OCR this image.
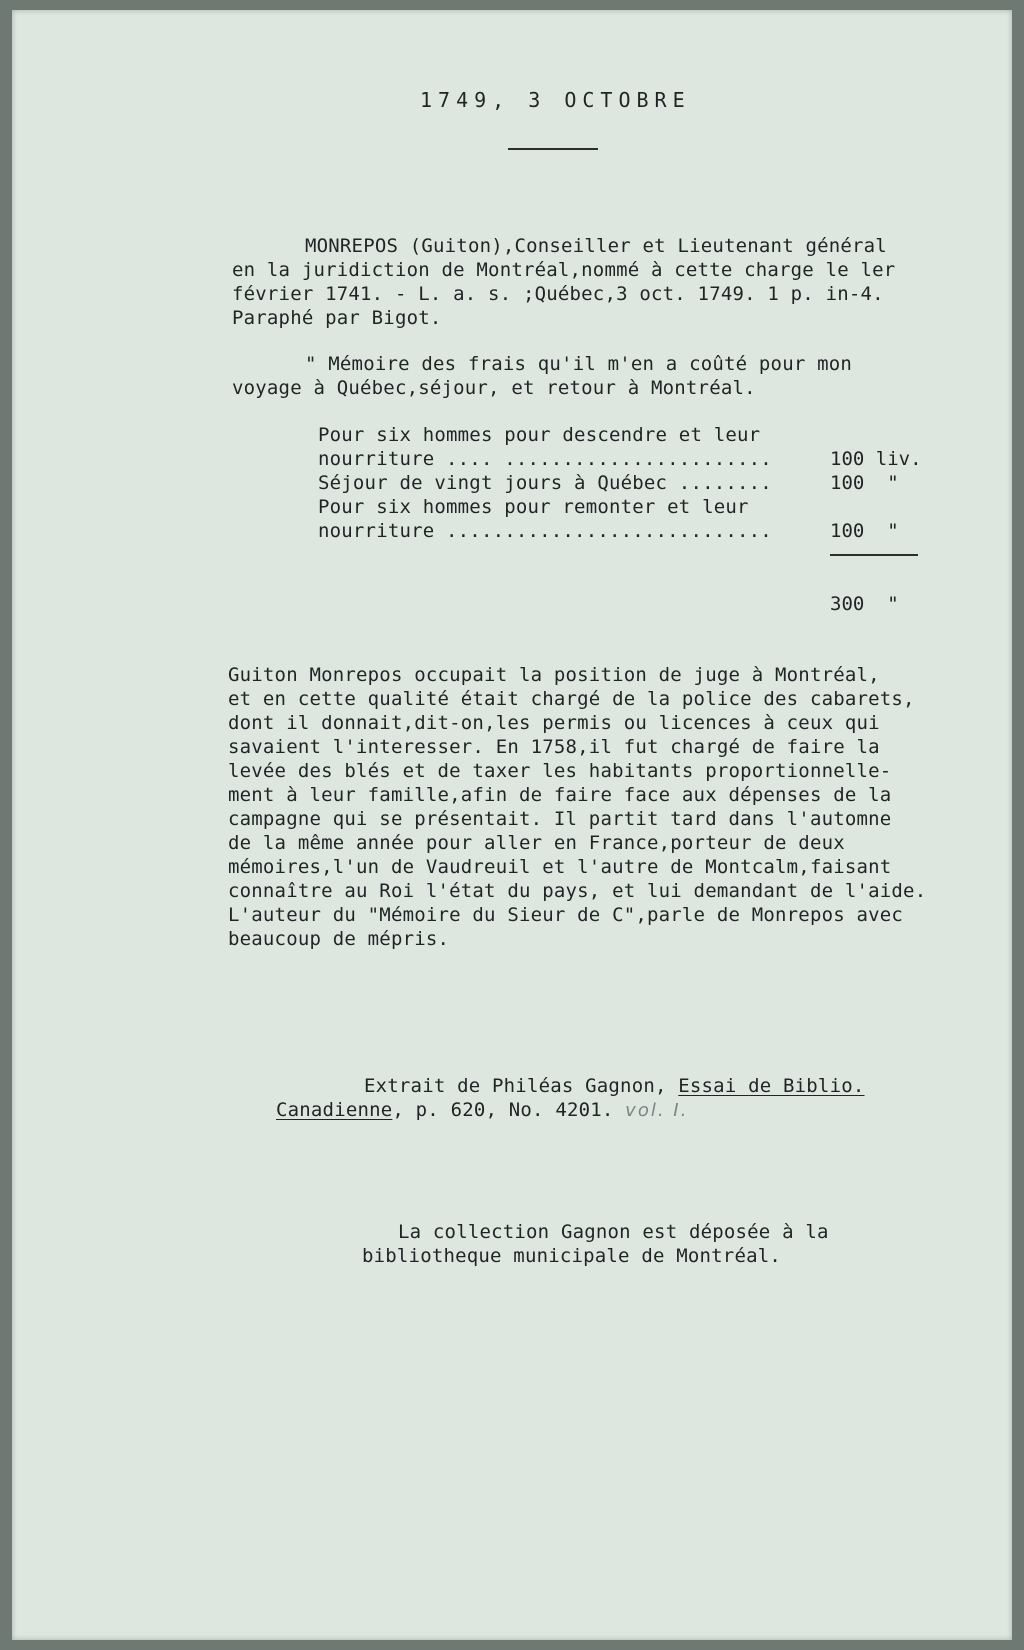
1749, 3 OCTOBRE
MONREPOS (Guiton),Conseiller et Lieutenant général
en la juridiction de Montréal,nommé à cette charge le ler
février 1741. - L. a. s. ;Québec,3 oct. 1749. 1 p. in-4.
Paraphé par Bigot.
" Mémoire des frais qu'il m'en a coûté pour mon
voyage à Québec,séjour, et retour à Montréal.
Pour six hommes pour descendre et leur
nourriture .... .......................	100 liv.
Séjour de vingt jours à Québec ........	100  "
Pour six hommes pour remonter et leur
nourriture ............................	100  "
300  "
Guiton Monrepos occupait la position de juge à Montréal,
et en cette qualité était chargé de la police des cabarets,
dont il donnait,dit-on,les permis ou licences à ceux qui
savaient l'interesser. En 1758,il fut chargé de faire la
levée des blés et de taxer les habitants proportionnelle-
ment à leur famille,afin de faire face aux dépenses de la
campagne qui se présentait. Il partit tard dans l'automne
de la même année pour aller en France,porteur de deux
mémoires,l'un de Vaudreuil et l'autre de Montcalm,faisant
connaître au Roi l'état du pays, et lui demandant de l'aide.
L'auteur du "Mémoire du Sieur de C",parle de Monrepos avec
beaucoup de mépris.
Extrait de Philéas Gagnon, Essai de Biblio.
Canadienne, p. 620, No. 4201. vol. I.
La collection Gagnon est déposée à la
bibliotheque municipale de Montréal.
